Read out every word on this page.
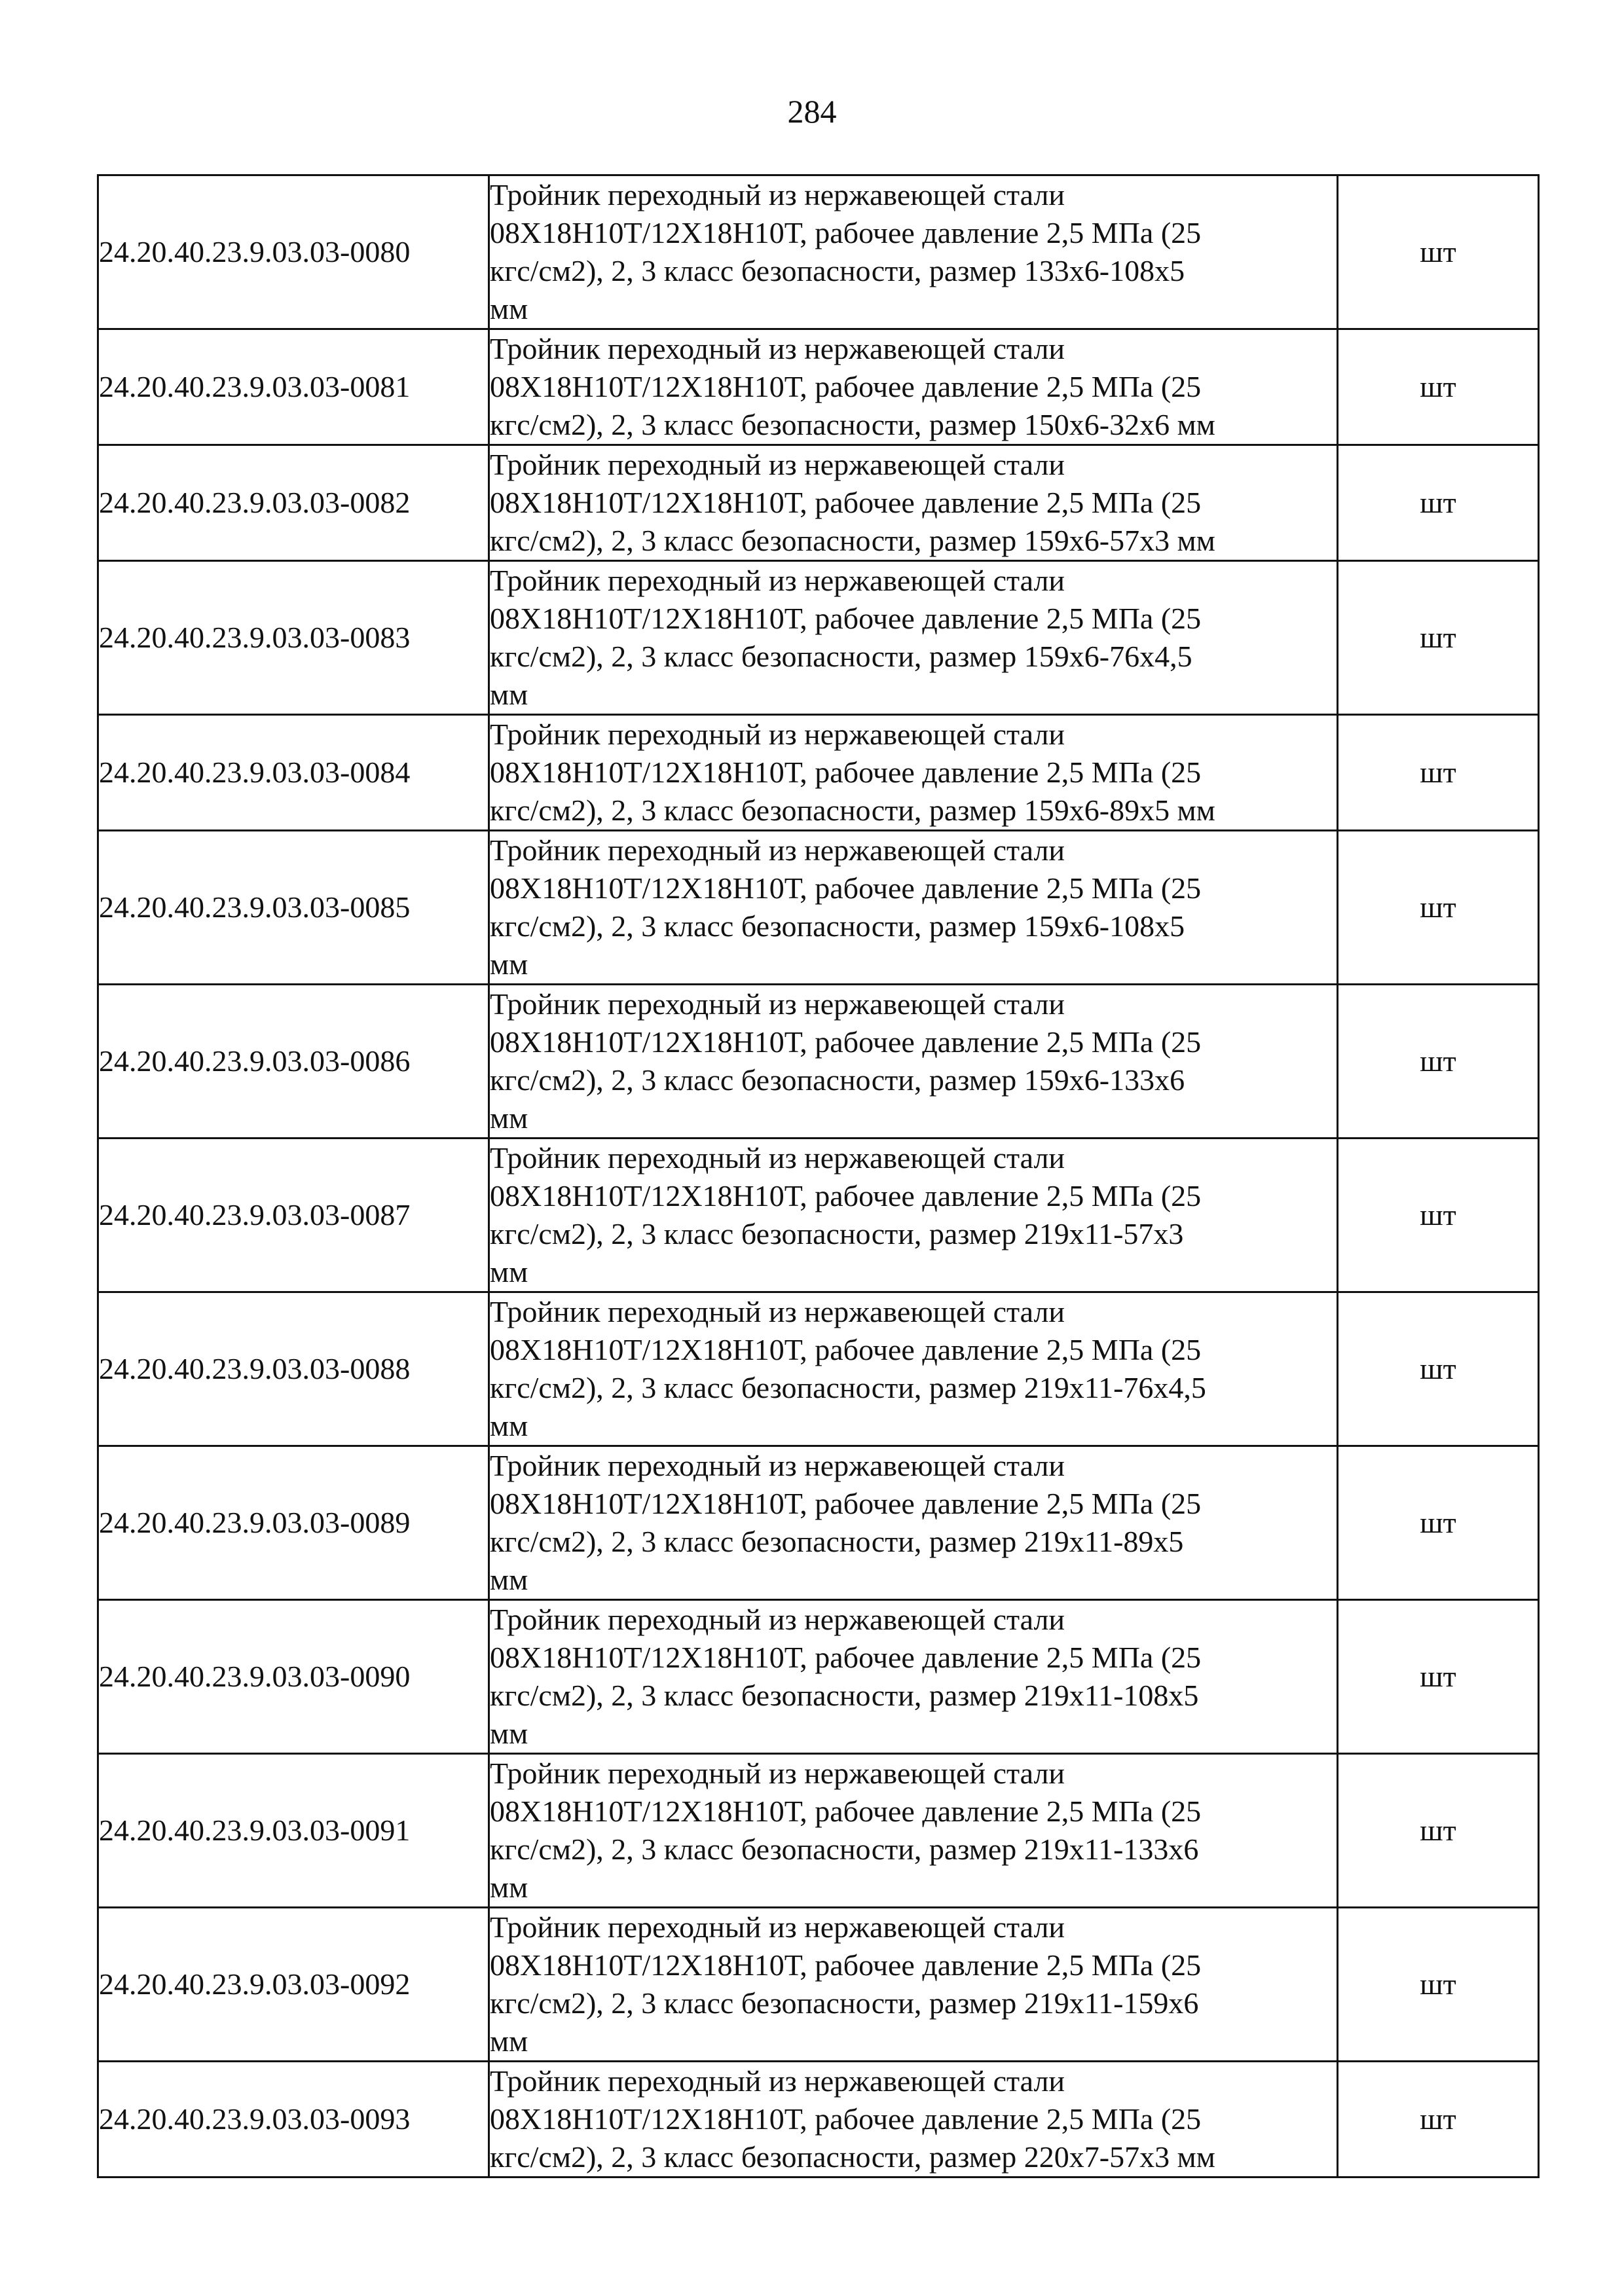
284
24.20.40.23.9.03.03-0080	Тройник переходный из нержавеющей стали
08Х18Н10Т/12Х18Н10Т, рабочее давление 2,5 МПа (25
кгс/см2), 2, 3 класс безопасности, размер 133х6-108х5
мм	шт
24.20.40.23.9.03.03-0081	Тройник переходный из нержавеющей стали
08Х18Н10Т/12Х18Н10Т, рабочее давление 2,5 МПа (25
кгс/см2), 2, 3 класс безопасности, размер 150х6-32х6 мм	шт
24.20.40.23.9.03.03-0082	Тройник переходный из нержавеющей стали
08Х18Н10Т/12Х18Н10Т, рабочее давление 2,5 МПа (25
кгс/см2), 2, 3 класс безопасности, размер 159х6-57х3 мм	шт
24.20.40.23.9.03.03-0083	Тройник переходный из нержавеющей стали
08Х18Н10Т/12Х18Н10Т, рабочее давление 2,5 МПа (25
кгс/см2), 2, 3 класс безопасности, размер 159х6-76х4,5
мм	шт
24.20.40.23.9.03.03-0084	Тройник переходный из нержавеющей стали
08Х18Н10Т/12Х18Н10Т, рабочее давление 2,5 МПа (25
кгс/см2), 2, 3 класс безопасности, размер 159х6-89х5 мм	шт
24.20.40.23.9.03.03-0085	Тройник переходный из нержавеющей стали
08Х18Н10Т/12Х18Н10Т, рабочее давление 2,5 МПа (25
кгс/см2), 2, 3 класс безопасности, размер 159х6-108х5
мм	шт
24.20.40.23.9.03.03-0086	Тройник переходный из нержавеющей стали
08Х18Н10Т/12Х18Н10Т, рабочее давление 2,5 МПа (25
кгс/см2), 2, 3 класс безопасности, размер 159х6-133х6
мм	шт
24.20.40.23.9.03.03-0087	Тройник переходный из нержавеющей стали
08Х18Н10Т/12Х18Н10Т, рабочее давление 2,5 МПа (25
кгс/см2), 2, 3 класс безопасности, размер 219х11-57х3
мм	шт
24.20.40.23.9.03.03-0088	Тройник переходный из нержавеющей стали
08Х18Н10Т/12Х18Н10Т, рабочее давление 2,5 МПа (25
кгс/см2), 2, 3 класс безопасности, размер 219х11-76х4,5
мм	шт
24.20.40.23.9.03.03-0089	Тройник переходный из нержавеющей стали
08Х18Н10Т/12Х18Н10Т, рабочее давление 2,5 МПа (25
кгс/см2), 2, 3 класс безопасности, размер 219х11-89х5
мм	шт
24.20.40.23.9.03.03-0090	Тройник переходный из нержавеющей стали
08Х18Н10Т/12Х18Н10Т, рабочее давление 2,5 МПа (25
кгс/см2), 2, 3 класс безопасности, размер 219х11-108х5
мм	шт
24.20.40.23.9.03.03-0091	Тройник переходный из нержавеющей стали
08Х18Н10Т/12Х18Н10Т, рабочее давление 2,5 МПа (25
кгс/см2), 2, 3 класс безопасности, размер 219х11-133х6
мм	шт
24.20.40.23.9.03.03-0092	Тройник переходный из нержавеющей стали
08Х18Н10Т/12Х18Н10Т, рабочее давление 2,5 МПа (25
кгс/см2), 2, 3 класс безопасности, размер 219х11-159х6
мм	шт
24.20.40.23.9.03.03-0093	Тройник переходный из нержавеющей стали
08Х18Н10Т/12Х18Н10Т, рабочее давление 2,5 МПа (25
кгс/см2), 2, 3 класс безопасности, размер 220х7-57х3 мм	шт
